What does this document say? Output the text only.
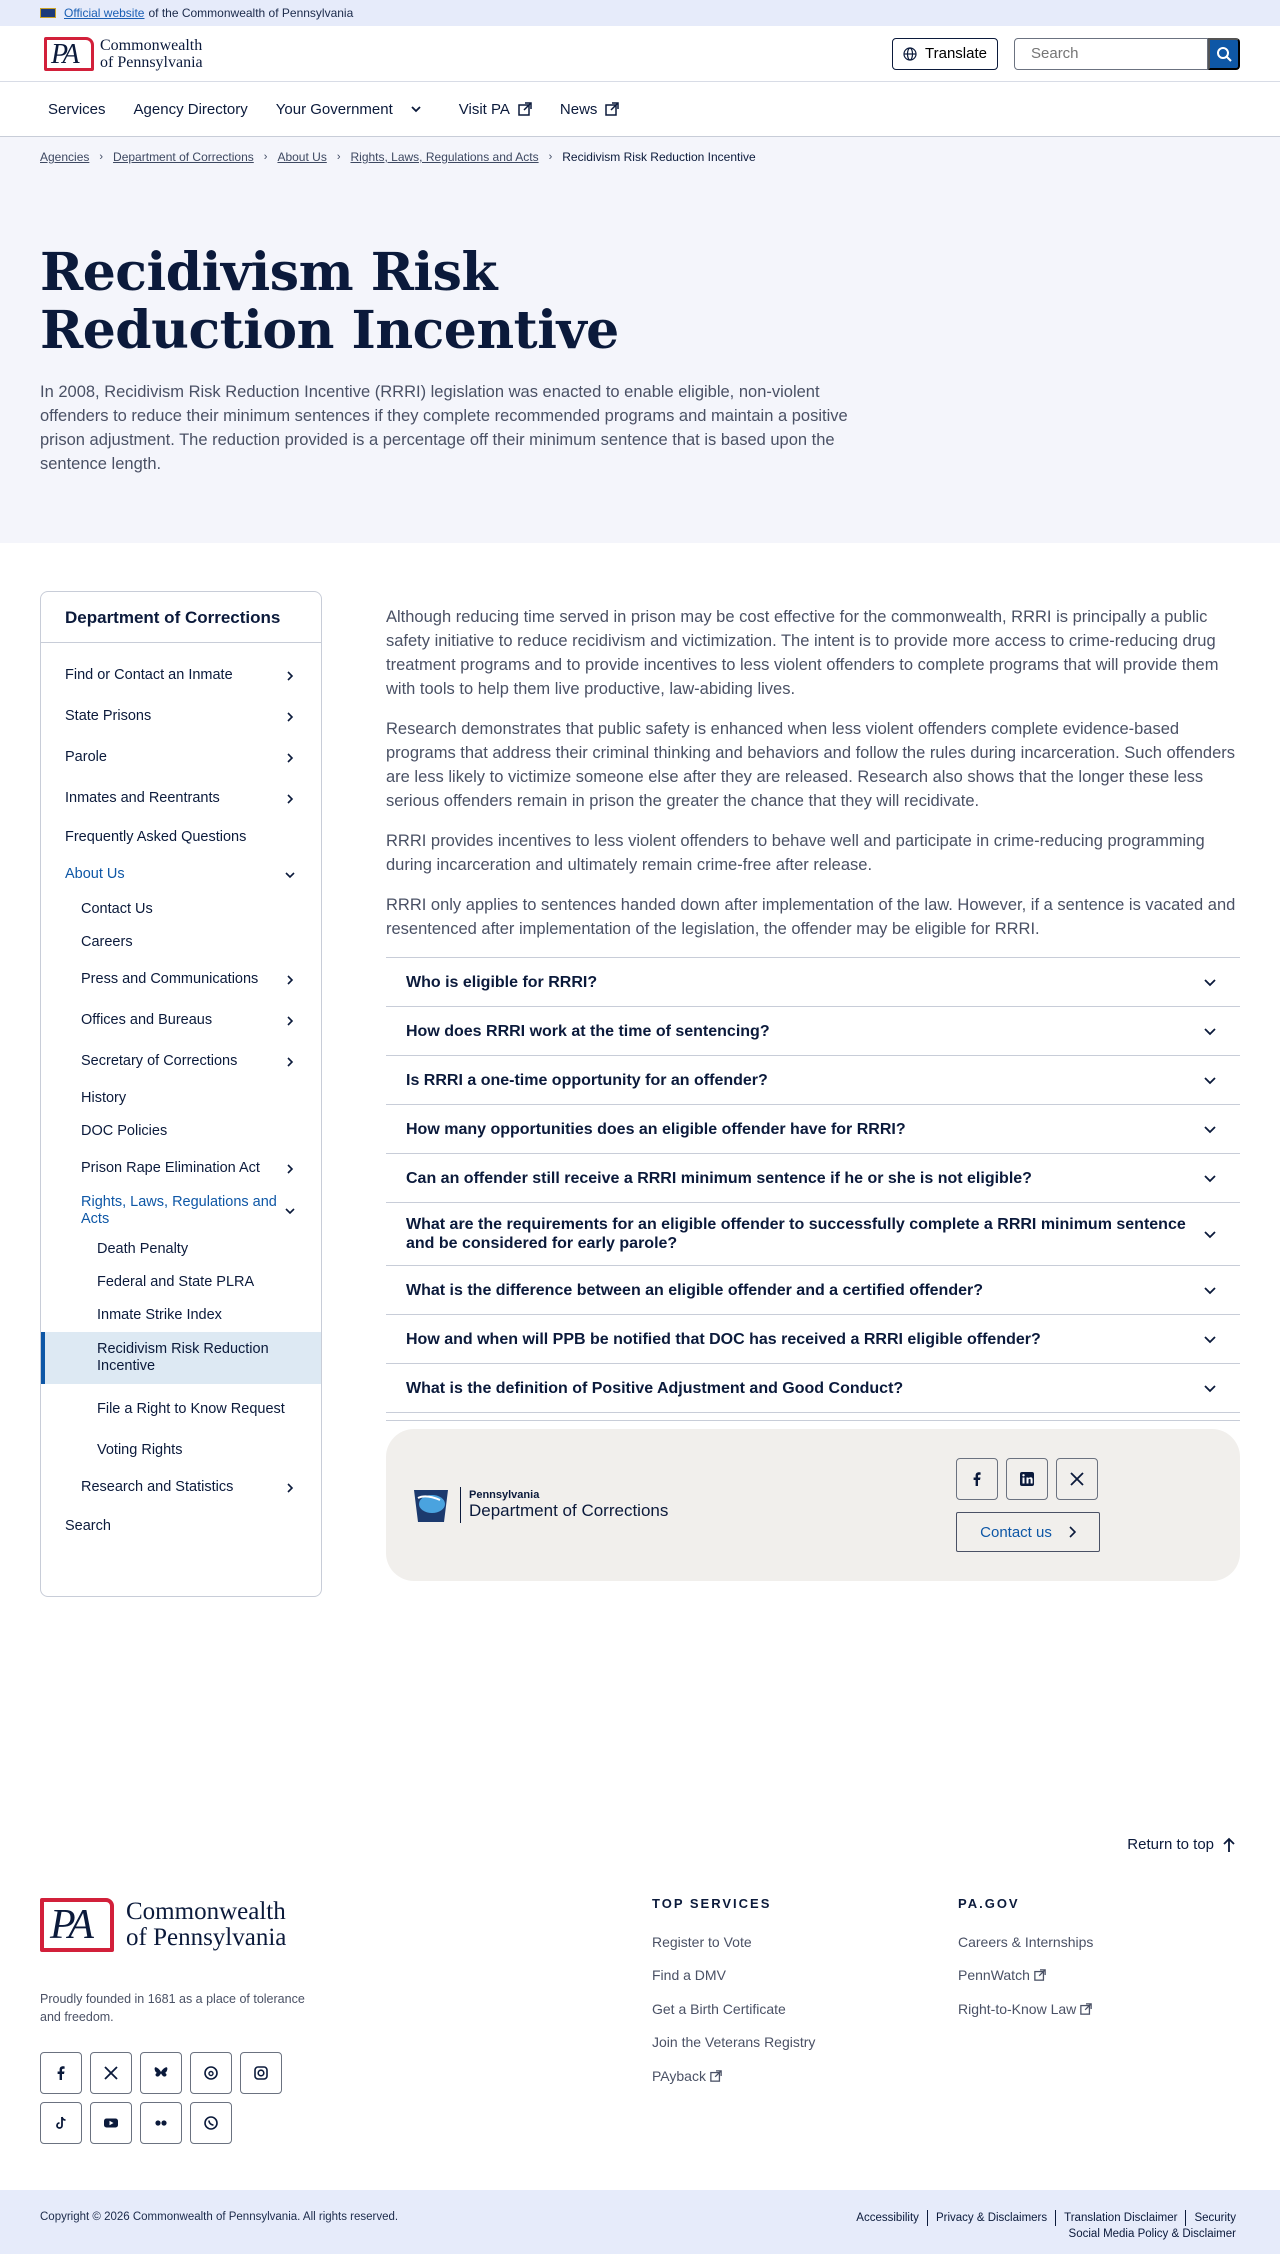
Official website of the Commonwealth of Pennsylvania
PA Commonwealth
of Pennsylvania	Translate
Search
Services Agency Directory Your Government	Visit PA	News
Agencies › Department of Corrections › About Us › Rights, Laws, Regulations and Acts › Recidivism Risk Reduction Incentive
Recidivism Risk Reduction Incentive

In 2008, Recidivism Risk Reduction Incentive (RRRI) legislation was enacted to enable eligible, non-violent offenders to reduce their minimum sentences if they complete recommended programs and maintain a positive prison adjustment. The reduction provided is a percentage off their minimum sentence that is based upon the sentence length.

Department of Corrections
Find or Contact an Inmate
State Prisons
Parole
Inmates and Reentrants
Frequently Asked Questions
About Us
Contact Us
Careers
Press and Communications
Offices and Bureaus
Secretary of Corrections
History
DOC Policies
Prison Rape Elimination Act
Rights, Laws, Regulations and Acts
Death Penalty
Federal and State PLRA
Inmate Strike Index
Recidivism Risk Reduction Incentive
File a Right to Know Request
Voting Rights
Research and Statistics
Search

Although reducing time served in prison may be cost effective for the commonwealth, RRRI is principally a public safety initiative to reduce recidivism and victimization. The intent is to provide more access to crime-reducing drug treatment programs and to provide incentives to less violent offenders to complete programs that will provide them with tools to help them live productive, law-abiding lives.

Research demonstrates that public safety is enhanced when less violent offenders complete evidence-based programs that address their criminal thinking and behaviors and follow the rules during incarceration. Such offenders are less likely to victimize someone else after they are released. Research also shows that the longer these less serious offenders remain in prison the greater the chance that they will recidivate.

RRRI provides incentives to less violent offenders to behave well and participate in crime-reducing programming during incarceration and ultimately remain crime-free after release.

RRRI only applies to sentences handed down after implementation of the law. However, if a sentence is vacated and resentenced after implementation of the legislation, the offender may be eligible for RRRI.

Who is eligible for RRRI?
How does RRRI work at the time of sentencing?
Is RRRI a one-time opportunity for an offender?
How many opportunities does an eligible offender have for RRRI?
Can an offender still receive a RRRI minimum sentence if he or she is not eligible?
What are the requirements for an eligible offender to successfully complete a RRRI minimum sentence and be considered for early parole?
What is the difference between an eligible offender and a certified offender?
How and when will PPB be notified that DOC has received a RRRI eligible offender?
What is the definition of Positive Adjustment and Good Conduct?
Pennsylvania
Department of Corrections
Contact us
Return to top
PA Commonwealth
of Pennsylvania
Proudly founded in 1681 as a place of tolerance and freedom.
TOP SERVICES
Register to Vote
Find a DMV
Get a Birth Certificate
Join the Veterans Registry
PAyback
PA.GOV
Careers & Internships
PennWatch
Right-to-Know Law
Copyright © 2026 Commonwealth of Pennsylvania. All rights reserved.	Accessibility Privacy & Disclaimers Translation Disclaimer Security
Social Media Policy & Disclaimer
